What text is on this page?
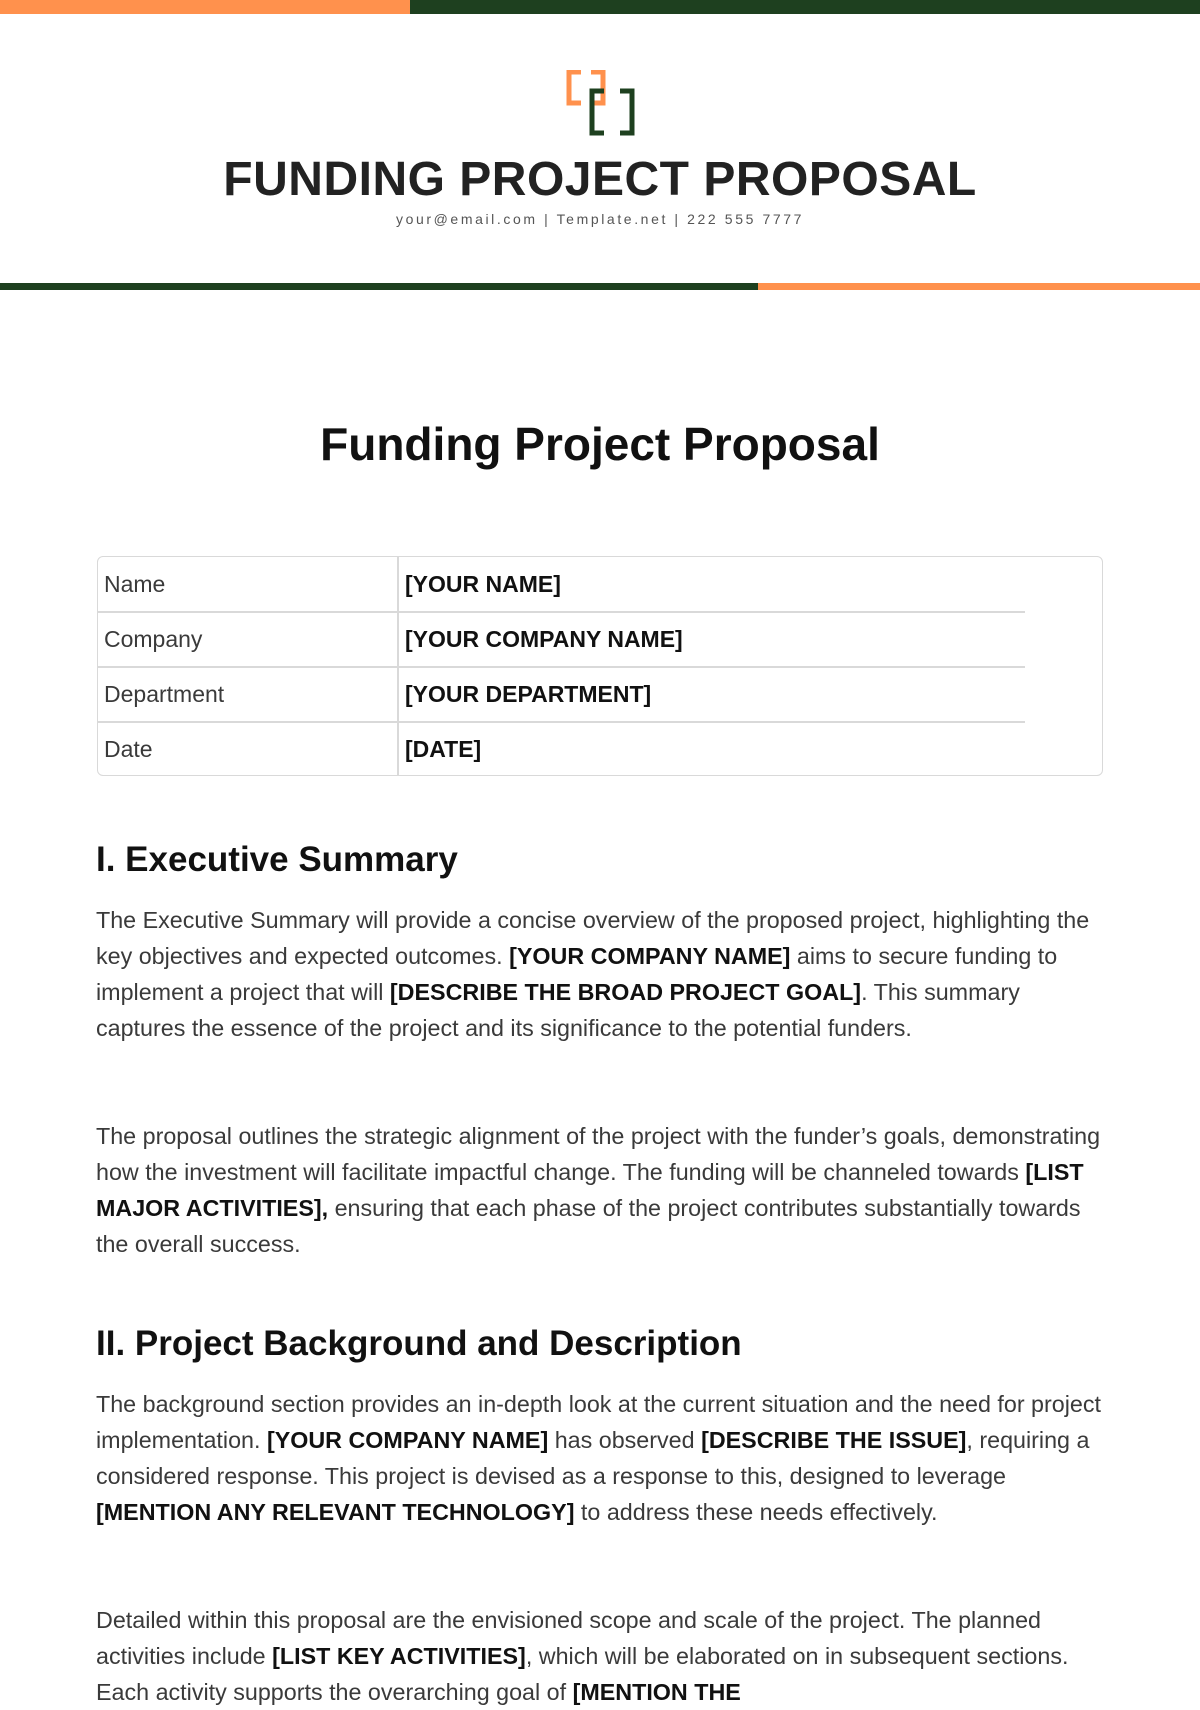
FUNDING PROJECT PROPOSAL
your@email.com | Template.net | 222 555 7777
Funding Project Proposal
Name	[YOUR NAME]
Company	[YOUR COMPANY NAME]
Department	[YOUR DEPARTMENT]
Date	[DATE]
I. Executive Summary

The Executive Summary will provide a concise overview of the proposed project, highlighting the key objectives and expected outcomes. [YOUR COMPANY NAME] aims to secure funding to implement a project that will [DESCRIBE THE BROAD PROJECT GOAL]. This summary captures the essence of the project and its significance to the potential funders.

The proposal outlines the strategic alignment of the project with the funder’s goals, demonstrating how the investment will facilitate impactful change. The funding will be channeled towards [LIST MAJOR ACTIVITIES], ensuring that each phase of the project contributes substantially towards the overall success.

II. Project Background and Description

The background section provides an in-depth look at the current situation and the need for project implementation. [YOUR COMPANY NAME] has observed [DESCRIBE THE ISSUE], requiring a considered response. This project is devised as a response to this, designed to leverage [MENTION ANY RELEVANT TECHNOLOGY] to address these needs effectively.

Detailed within this proposal are the envisioned scope and scale of the project. The planned activities include [LIST KEY ACTIVITIES], which will be elaborated on in subsequent sections. Each activity supports the overarching goal of [MENTION THE
